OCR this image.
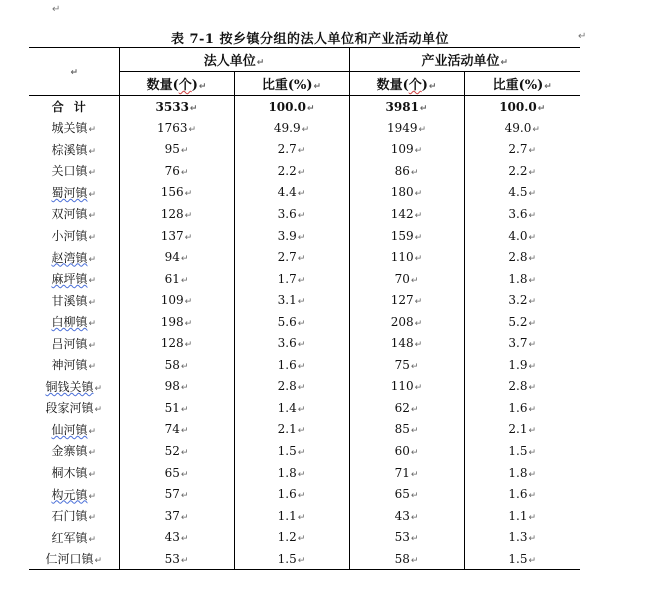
↵
表 7-1 按乡镇分组的法人单位和产业活动单位	↵
↵	法人单位↵		产业活动单位↵	
	数量(个)↵	比重(%)↵	数量(个)↵	比重(%)↵
合计	3533↵	100.0↵	3981↵	100.0↵
城关镇↵	1763↵	49.9↵	1949↵	49.0↵
棕溪镇↵	95↵	2.7↵	109↵	2.7↵
关口镇↵	76↵	2.2↵	86↵	2.2↵
蜀河镇↵	156↵	4.4↵	180↵	4.5↵
双河镇↵	128↵	3.6↵	142↵	3.6↵
小河镇↵	137↵	3.9↵	159↵	4.0↵
赵湾镇↵	94↵	2.7↵	110↵	2.8↵
麻坪镇↵	61↵	1.7↵	70↵	1.8↵
甘溪镇↵	109↵	3.1↵	127↵	3.2↵
白柳镇↵	198↵	5.6↵	208↵	5.2↵
吕河镇↵	128↵	3.6↵	148↵	3.7↵
神河镇↵	58↵	1.6↵	75↵	1.9↵
铜钱关镇↵	98↵	2.8↵	110↵	2.8↵
段家河镇↵	51↵	1.4↵	62↵	1.6↵
仙河镇↵	74↵	2.1↵	85↵	2.1↵
金寨镇↵	52↵	1.5↵	60↵	1.5↵
桐木镇↵	65↵	1.8↵	71↵	1.8↵
构元镇↵	57↵	1.6↵	65↵	1.6↵
石门镇↵	37↵	1.1↵	43↵	1.1↵
红军镇↵	43↵	1.2↵	53↵	1.3↵
仁河口镇↵	53↵	1.5↵	58↵	1.5↵
